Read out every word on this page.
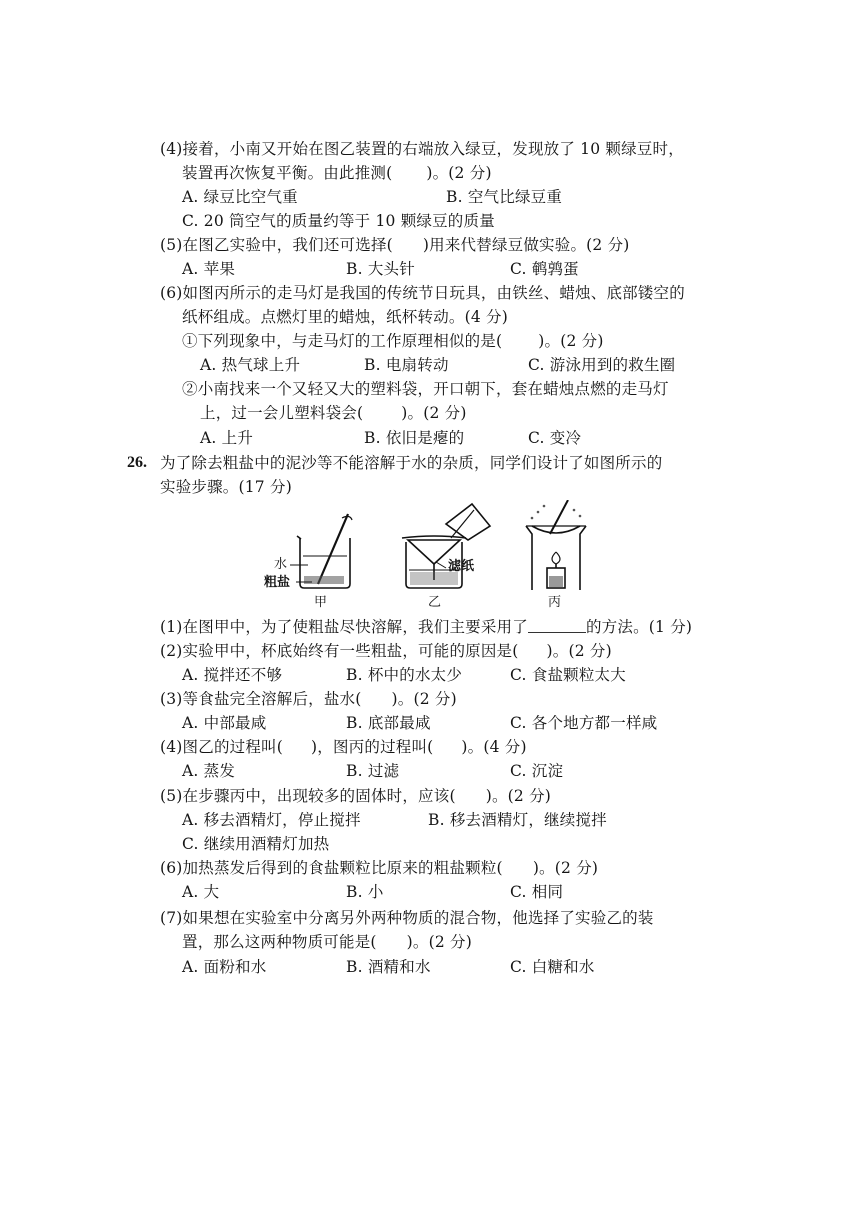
(4)接着，小南又开始在图乙装置的右端放入绿豆，发现放了 10 颗绿豆时，
装置再次恢复平衡。由此推测( )。(2 分)
A. 绿豆比空气重	B. 空气比绿豆重
C. 20 筒空气的质量约等于 10 颗绿豆的质量
(5)在图乙实验中，我们还可选择( )用来代替绿豆做实验。(2 分)
A. 苹果	B. 大头针	C. 鹌鹑蛋
(6)如图丙所示的走马灯是我国的传统节日玩具，由铁丝、蜡烛、底部镂空的
纸杯组成。点燃灯里的蜡烛，纸杯转动。(4 分)
①下列现象中，与走马灯的工作原理相似的是( )。(2 分)
A. 热气球上升	B. 电扇转动	C. 游泳用到的救生圈
②小南找来一个又轻又大的塑料袋，开口朝下，套在蜡烛点燃的走马灯
上，过一会儿塑料袋会( )。(2 分)
A. 上升	B. 依旧是瘪的	C. 变冷
26. 为了除去粗盐中的泥沙等不能溶解于水的杂质，同学们设计了如图所示的
实验步骤。(17 分)
水
粗盐
滤纸
甲	乙	丙
(1)在图甲中，为了使粗盐尽快溶解，我们主要采用了	的方法。(1 分)
(2)实验甲中，杯底始终有一些粗盐，可能的原因是( )。(2 分)
A. 搅拌还不够	B. 杯中的水太少	C. 食盐颗粒太大
(3)等食盐完全溶解后，盐水( )。(2 分)
A. 中部最咸	B. 底部最咸	C. 各个地方都一样咸
(4)图乙的过程叫( )，图丙的过程叫( )。(4 分)
A. 蒸发	B. 过滤	C. 沉淀
(5)在步骤丙中，出现较多的固体时，应该( )。(2 分)
A. 移去酒精灯，停止搅拌	B. 移去酒精灯，继续搅拌
C. 继续用酒精灯加热
(6)加热蒸发后得到的食盐颗粒比原来的粗盐颗粒( )。(2 分)
A. 大	B. 小	C. 相同
(7)如果想在实验室中分离另外两种物质的混合物，他选择了实验乙的装
置，那么这两种物质可能是( )。(2 分)
A. 面粉和水	B. 酒精和水	C. 白糖和水
